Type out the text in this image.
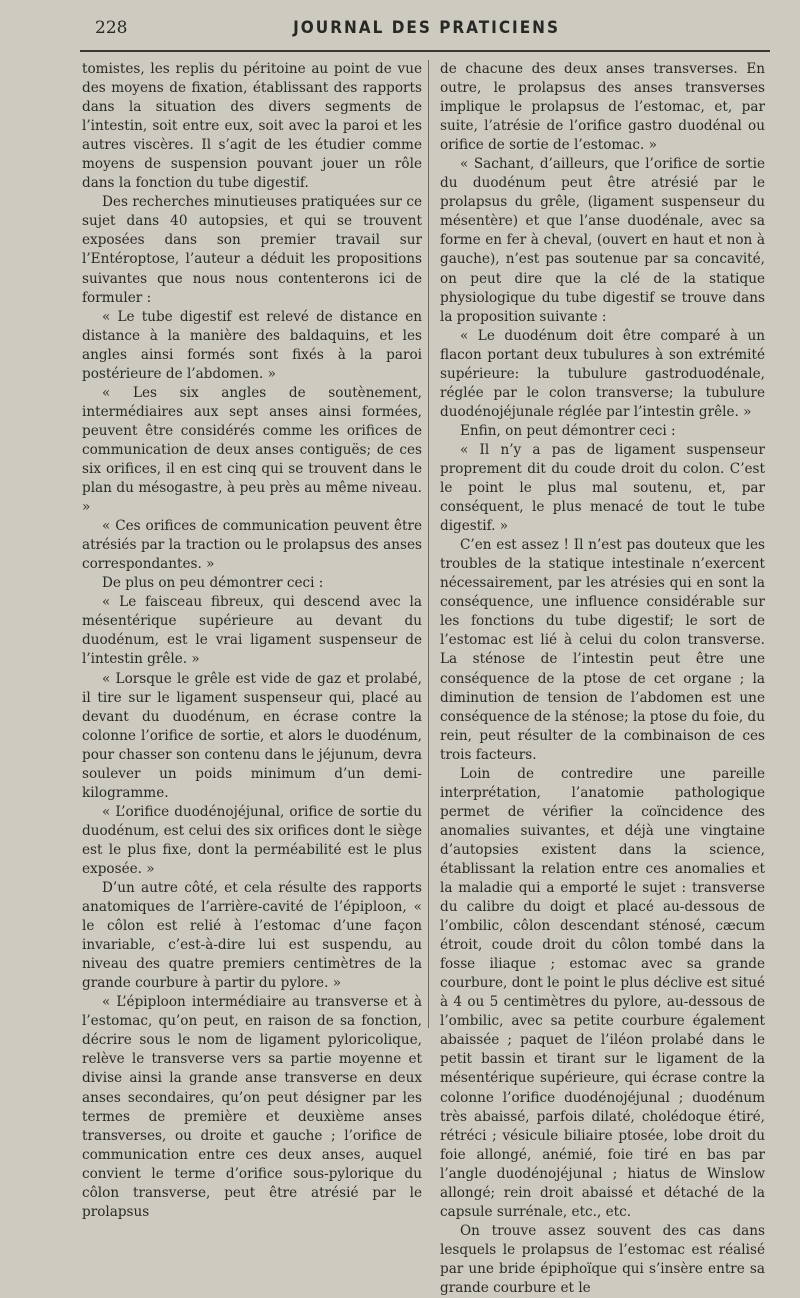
228	JOURNAL DES PRATICIENS

tomistes, les replis du péritoine au point de vue des moyens de fixation, établissant des rapports dans la situation des divers segments de l’intestin, soit entre eux, soit avec la paroi et les autres viscères. Il s’agit de les étudier comme moyens de suspension pouvant jouer un rôle dans la fonction du tube digestif.

Des recherches minutieuses pratiquées sur ce sujet dans 40 autopsies, et qui se trouvent exposées dans son premier travail sur l’Entéroptose, l’auteur a déduit les propositions suivantes que nous nous contenterons ici de formuler :

« Le tube digestif est relevé de distance en distance à la manière des baldaquins, et les angles ainsi formés sont fixés à la paroi postérieure de l’abdomen. »

« Les six angles de soutènement, intermédiaires aux sept anses ainsi formées, peuvent être considérés comme les orifices de communication de deux anses contiguës; de ces six orifices, il en est cinq qui se trouvent dans le plan du mésogastre, à peu près au même niveau. »

« Ces orifices de communication peuvent être atrésiés par la traction ou le prolapsus des anses correspondantes. »

De plus on peu démontrer ceci :

« Le faisceau fibreux, qui descend avec la mésentérique supérieure au devant du duodénum, est le vrai ligament suspenseur de l’intestin grêle. »

« Lorsque le grêle est vide de gaz et prolabé, il tire sur le ligament suspenseur qui, placé au devant du duodénum, en écrase contre la colonne l’orifice de sortie, et alors le duodénum, pour chasser son contenu dans le jéjunum, devra soulever un poids minimum d’un demi-kilogramme.

« L’orifice duodénojéjunal, orifice de sortie du duodénum, est celui des six orifices dont le siège est le plus fixe, dont la perméabilité est le plus exposée. »

D’un autre côté, et cela résulte des rapports anatomiques de l’arrière-cavité de l’épiploon, « le côlon est relié à l’estomac d’une façon invariable, c’est-à-dire lui est suspendu, au niveau des quatre premiers centimètres de la grande courbure à partir du pylore. »

« L’épiploon intermédiaire au transverse et à l’estomac, qu’on peut, en raison de sa fonction, décrire sous le nom de ligament pyloricolique, relève le transverse vers sa partie moyenne et divise ainsi la grande anse transverse en deux anses secondaires, qu’on peut désigner par les termes de première et deuxième anses transverses, ou droite et gauche ; l’orifice de communication entre ces deux anses, auquel convient le terme d’orifice sous-pylorique du côlon transverse, peut être atrésié par le prolapsus

de chacune des deux anses transverses. En outre, le prolapsus des anses transverses implique le prolapsus de l’estomac, et, par suite, l’atrésie de l’orifice gastro duodénal ou orifice de sortie de l’estomac. »

« Sachant, d’ailleurs, que l’orifice de sortie du duodénum peut être atrésié par le prolapsus du grêle, (ligament suspenseur du mésentère) et que l’anse duodénale, avec sa forme en fer à cheval, (ouvert en haut et non à gauche), n’est pas soutenue par sa concavité, on peut dire que la clé de la statique physiologique du tube digestif se trouve dans la proposition suivante :

« Le duodénum doit être comparé à un flacon portant deux tubulures à son extrémité supérieure: la tubulure gastroduodénale, réglée par le colon transverse; la tubulure duodénojéjunale réglée par l’intestin grêle. »

Enfin, on peut démontrer ceci :

« Il n’y a pas de ligament suspenseur proprement dit du coude droit du colon. C’est le point le plus mal soutenu, et, par conséquent, le plus menacé de tout le tube digestif. »

C’en est assez ! Il n’est pas douteux que les troubles de la statique intestinale n’exercent nécessairement, par les atrésies qui en sont la conséquence, une influence considérable sur les fonctions du tube digestif; le sort de l’estomac est lié à celui du colon transverse. La sténose de l’intestin peut être une conséquence de la ptose de cet organe ; la diminution de tension de l’abdomen est une conséquence de la sténose; la ptose du foie, du rein, peut résulter de la combinaison de ces trois facteurs.

Loin de contredire une pareille interprétation, l’anatomie pathologique permet de vérifier la coïncidence des anomalies suivantes, et déjà une vingtaine d’autopsies existent dans la science, établissant la relation entre ces anomalies et la maladie qui a emporté le sujet : transverse du calibre du doigt et placé au-dessous de l’ombilic, côlon descendant sténosé, cæcum étroit, coude droit du côlon tombé dans la fosse iliaque ; estomac avec sa grande courbure, dont le point le plus déclive est situé à 4 ou 5 centimètres du pylore, au-dessous de l’ombilic, avec sa petite courbure également abaissée ; paquet de l’iléon prolabé dans le petit bassin et tirant sur le ligament de la mésentérique supérieure, qui écrase contre la colonne l’orifice duodénojéjunal ; duodénum très abaissé, parfois dilaté, cholédoque étiré, rétréci ; vésicule biliaire ptosée, lobe droit du foie allongé, anémié, foie tiré en bas par l’angle duodénojéjunal ; hiatus de Winslow allongé; rein droit abaissé et détaché de la capsule surrénale, etc., etc.

On trouve assez souvent des cas dans lesquels le prolapsus de l’estomac est réalisé par une bride épiphoïque qui s’insère entre sa grande courbure et le
